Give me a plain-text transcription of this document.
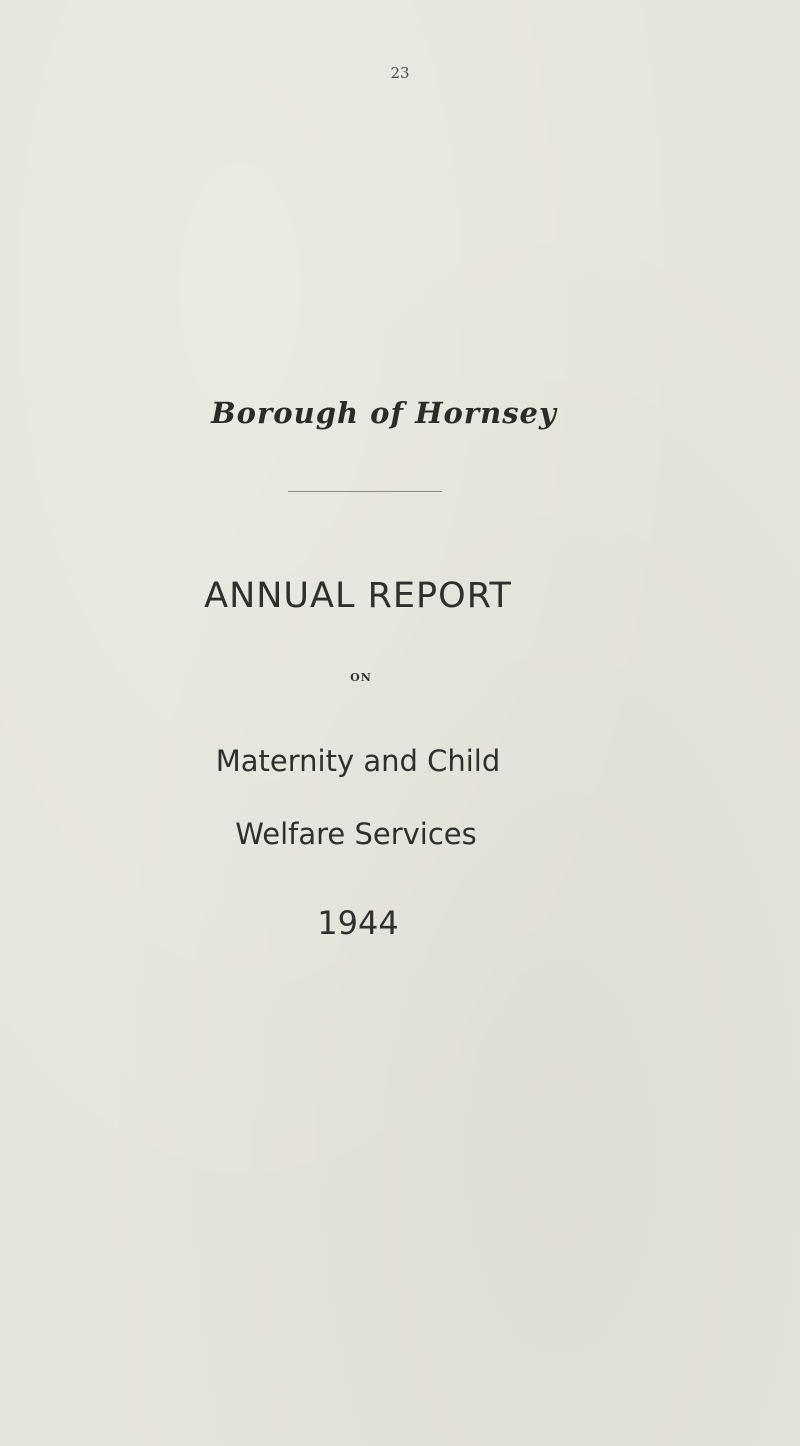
23
Borough of Hornsey
ANNUAL REPORT
ON
Maternity and Child
Welfare Services
1944
